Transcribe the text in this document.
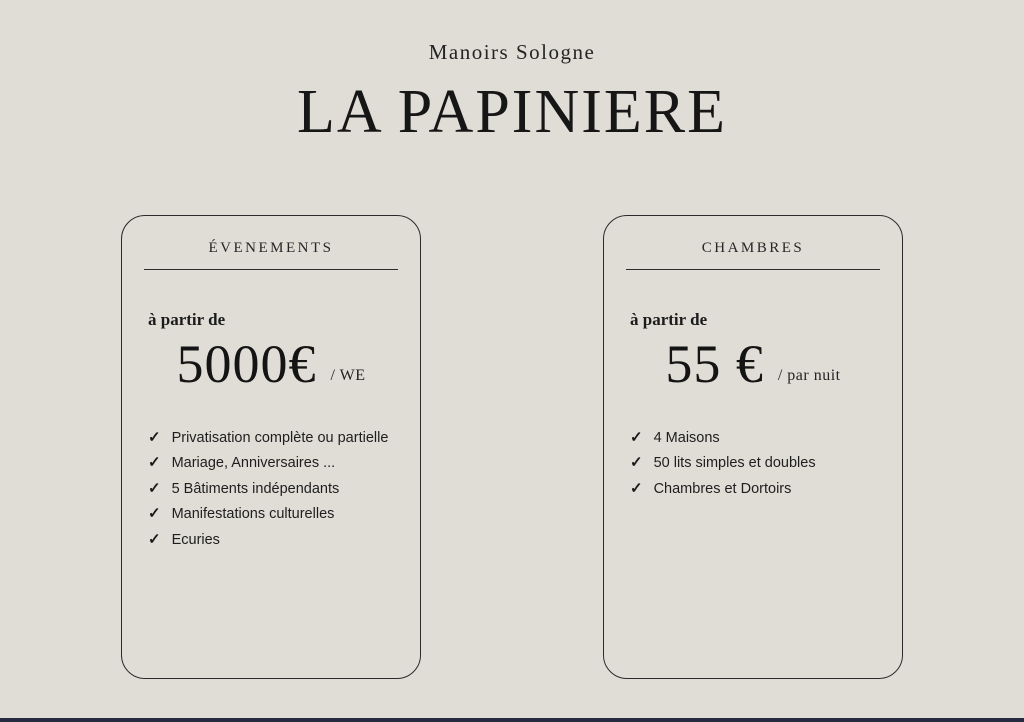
Manoirs Sologne
LA PAPINIERE
ÉVENEMENTS
à partir de
5000€ / WE
✓ Privatisation complète ou partielle
✓ Mariage, Anniversaires ...
✓ 5 Bâtiments indépendants
✓ Manifestations culturelles
✓ Ecuries
CHAMBRES
à partir de
55 € / par nuit
✓ 4 Maisons
✓ 50 lits simples et doubles
✓ Chambres et Dortoirs
